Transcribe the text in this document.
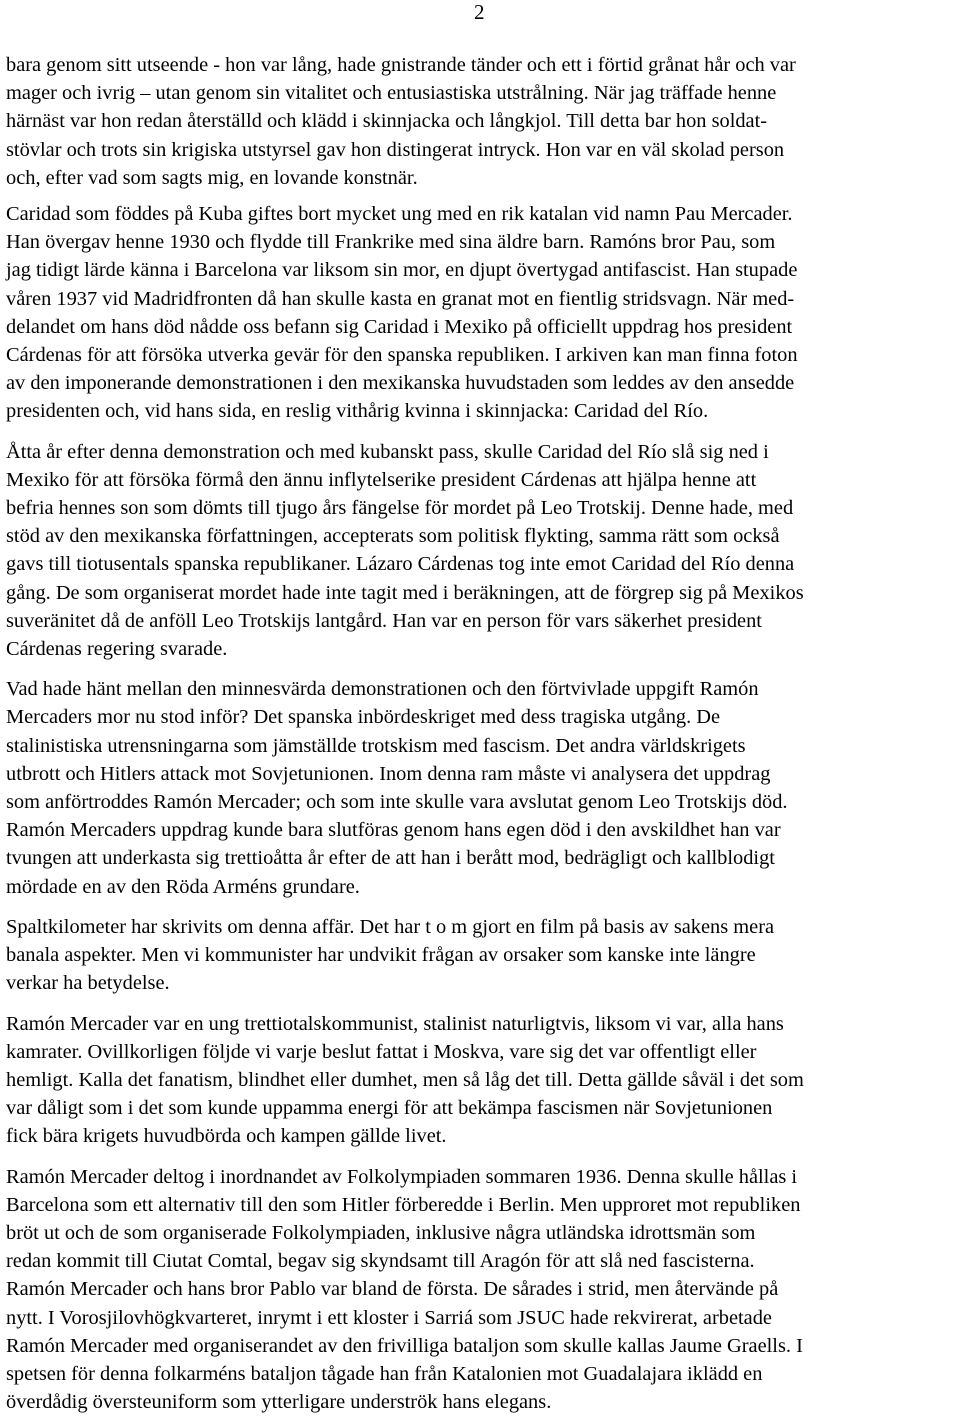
2

bara genom sitt utseende - hon var lång, hade gnistrande tänder och ett i förtid grånat hår och var
mager och ivrig – utan genom sin vitalitet och entusiastiska utstrålning. När jag träffade henne
härnäst var hon redan återställd och klädd i skinnjacka och långkjol. Till detta bar hon soldat-
stövlar och trots sin krigiska utstyrsel gav hon distingerat intryck. Hon var en väl skolad person
och, efter vad som sagts mig, en lovande konstnär.

Caridad som föddes på Kuba giftes bort mycket ung med en rik katalan vid namn Pau Mercader.
Han övergav henne 1930 och flydde till Frankrike med sina äldre barn. Ramóns bror Pau, som
jag tidigt lärde känna i Barcelona var liksom sin mor, en djupt övertygad antifascist. Han stupade
våren 1937 vid Madridfronten då han skulle kasta en granat mot en fientlig stridsvagn. När med-
delandet om hans död nådde oss befann sig Caridad i Mexiko på officiellt uppdrag hos president
Cárdenas för att försöka utverka gevär för den spanska republiken. I arkiven kan man finna foton
av den imponerande demonstrationen i den mexikanska huvudstaden som leddes av den ansedde
presidenten och, vid hans sida, en reslig vithårig kvinna i skinnjacka: Caridad del Río.

Åtta år efter denna demonstration och med kubanskt pass, skulle Caridad del Río slå sig ned i
Mexiko för att försöka förmå den ännu inflytelserike president Cárdenas att hjälpa henne att
befria hennes son som dömts till tjugo års fängelse för mordet på Leo Trotskij. Denne hade, med
stöd av den mexikanska författningen, accepterats som politisk flykting, samma rätt som också
gavs till tiotusentals spanska republikaner. Lázaro Cárdenas tog inte emot Caridad del Río denna
gång. De som organiserat mordet hade inte tagit med i beräkningen, att de förgrep sig på Mexikos
suveränitet då de anföll Leo Trotskijs lantgård. Han var en person för vars säkerhet president
Cárdenas regering svarade.

Vad hade hänt mellan den minnesvärda demonstrationen och den förtvivlade uppgift Ramón
Mercaders mor nu stod inför? Det spanska inbördeskriget med dess tragiska utgång. De
stalinistiska utrensningarna som jämställde trotskism med fascism. Det andra världskrigets
utbrott och Hitlers attack mot Sovjetunionen. Inom denna ram måste vi analysera det uppdrag
som anförtroddes Ramón Mercader; och som inte skulle vara avslutat genom Leo Trotskijs död.
Ramón Mercaders uppdrag kunde bara slutföras genom hans egen död i den avskildhet han var
tvungen att underkasta sig trettioåtta år efter de att han i berått mod, bedrägligt och kallblodigt
mördade en av den Röda Arméns grundare.

Spaltkilometer har skrivits om denna affär. Det har t o m gjort en film på basis av sakens mera
banala aspekter. Men vi kommunister har undvikit frågan av orsaker som kanske inte längre
verkar ha betydelse.

Ramón Mercader var en ung trettiotalskommunist, stalinist naturligtvis, liksom vi var, alla hans
kamrater. Ovillkorligen följde vi varje beslut fattat i Moskva, vare sig det var offentligt eller
hemligt. Kalla det fanatism, blindhet eller dumhet, men så låg det till. Detta gällde såväl i det som
var dåligt som i det som kunde uppamma energi för att bekämpa fascismen när Sovjetunionen
fick bära krigets huvudbörda och kampen gällde livet.

Ramón Mercader deltog i inordnandet av Folkolympiaden sommaren 1936. Denna skulle hållas i
Barcelona som ett alternativ till den som Hitler förberedde i Berlin. Men upproret mot republiken
bröt ut och de som organiserade Folkolympiaden, inklusive några utländska idrottsmän som
redan kommit till Ciutat Comtal, begav sig skyndsamt till Aragón för att slå ned fascisterna.
Ramón Mercader och hans bror Pablo var bland de första. De sårades i strid, men återvände på
nytt. I Vorosjilovhögkvarteret, inrymt i ett kloster i Sarriá som JSUC hade rekvirerat, arbetade
Ramón Mercader med organiserandet av den frivilliga bataljon som skulle kallas Jaume Graells. I
spetsen för denna folkarméns bataljon tågade han från Katalonien mot Guadalajara iklädd en
överdådig översteuniform som ytterligare underströk hans elegans.
